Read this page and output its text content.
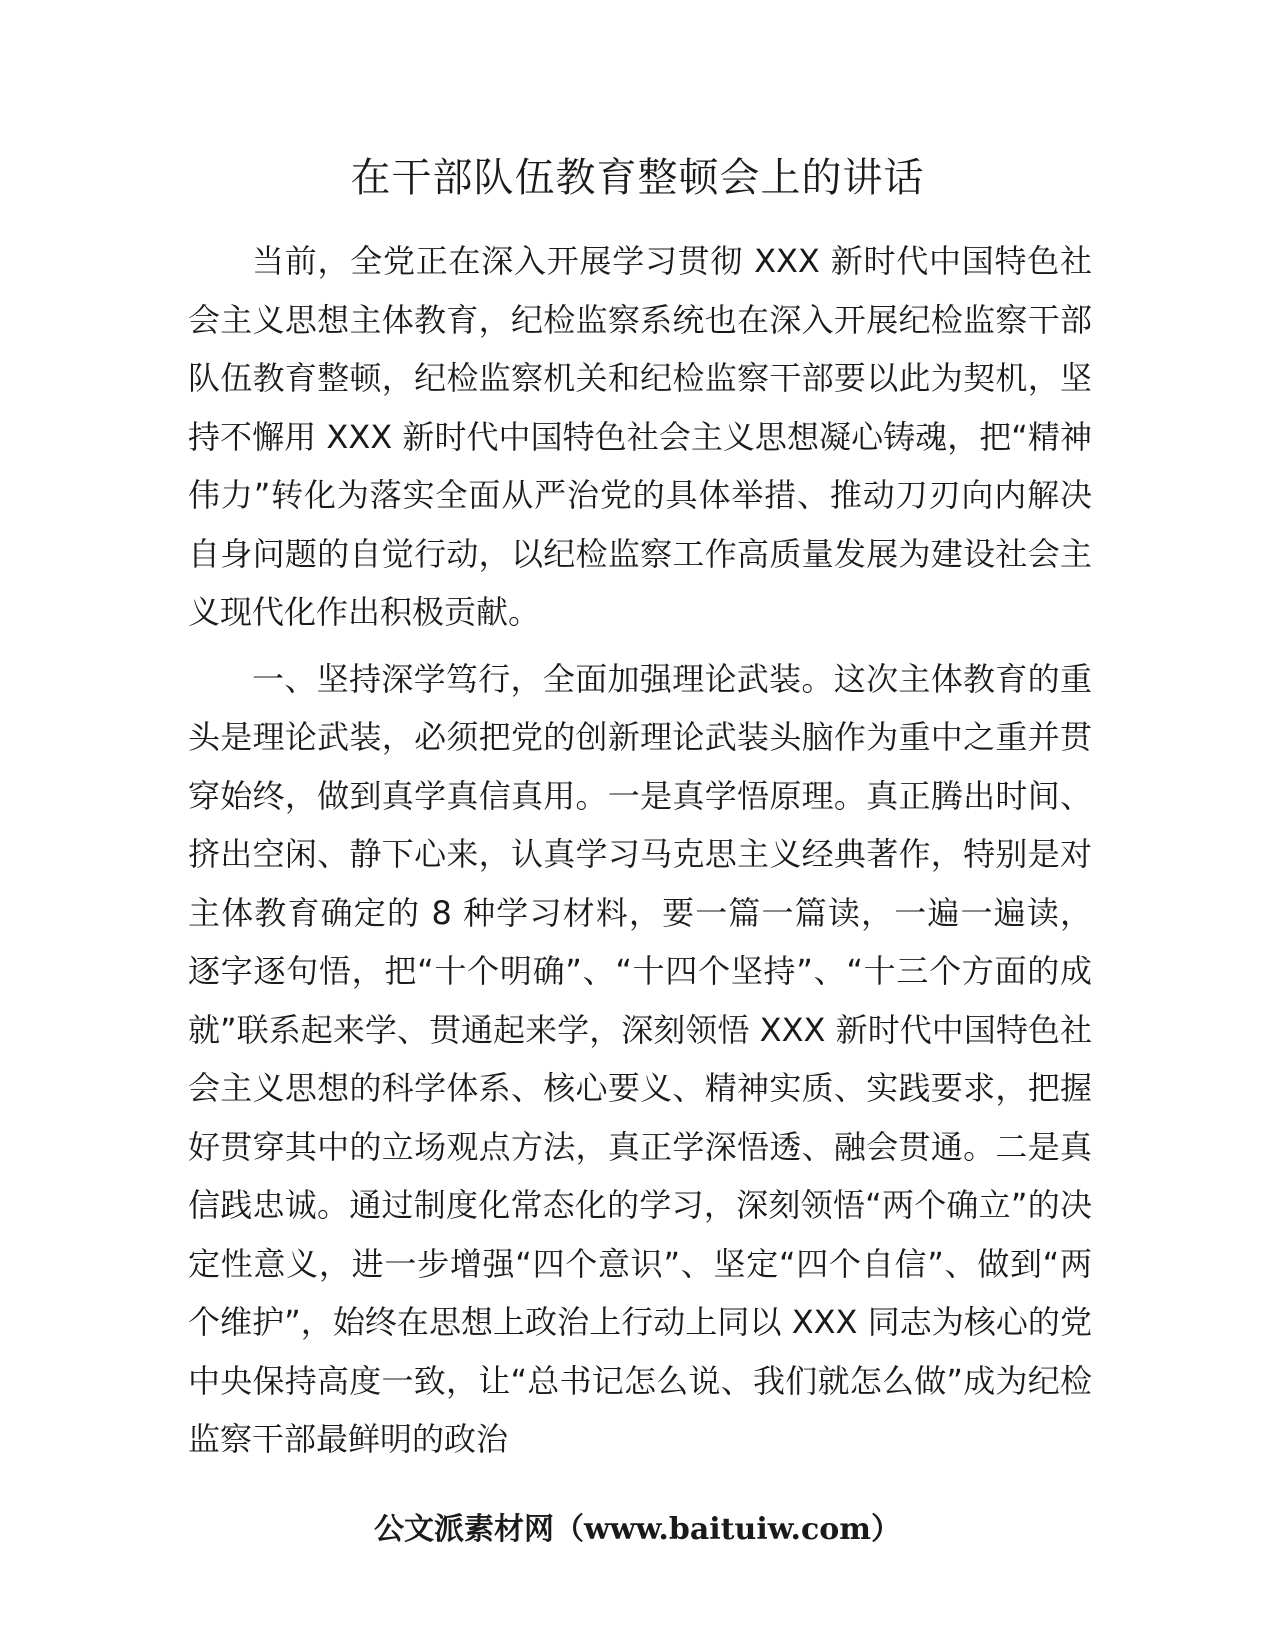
在干部队伍教育整顿会上的讲话

当前，全党正在深入开展学习贯彻 XXX 新时代中国特色社会主义思想主体教育，纪检监察系统也在深入开展纪检监察干部队伍教育整顿，纪检监察机关和纪检监察干部要以此为契机，坚持不懈用 XXX 新时代中国特色社会主义思想凝心铸魂，把“精神伟力”转化为落实全面从严治党的具体举措、推动刀刃向内解决自身问题的自觉行动，以纪检监察工作高质量发展为建设社会主义现代化作出积极贡献。

一、坚持深学笃行，全面加强理论武装。这次主体教育的重头是理论武装，必须把党的创新理论武装头脑作为重中之重并贯穿始终，做到真学真信真用。一是真学悟原理。真正腾出时间、挤出空闲、静下心来，认真学习马克思主义经典著作，特别是对主体教育确定的 8 种学习材料，要一篇一篇读，一遍一遍读，逐字逐句悟，把“十个明确”、“十四个坚持”、“十三个方面的成就”联系起来学、贯通起来学，深刻领悟 XXX 新时代中国特色社会主义思想的科学体系、核心要义、精神实质、实践要求，把握好贯穿其中的立场观点方法，真正学深悟透、融会贯通。二是真信践忠诚。通过制度化常态化的学习，深刻领悟“两个确立”的决定性意义，进一步增强“四个意识”、坚定“四个自信”、做到“两个维护”，始终在思想上政治上行动上同以 XXX 同志为核心的党中央保持高度一致，让“总书记怎么说、我们就怎么做”成为纪检监察干部最鲜明的政治

公文派素材网（www.baituiw.com）
